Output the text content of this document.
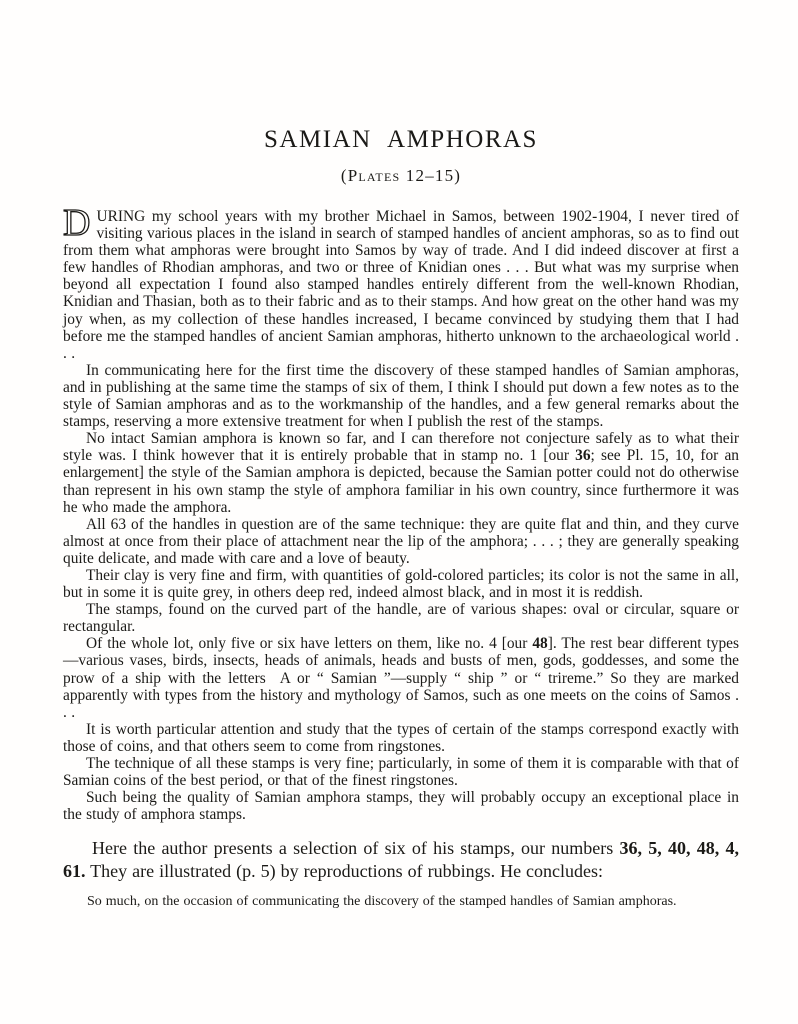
SAMIAN AMPHORAS
(Plates 12–15)

DURING my school years with my brother Michael in Samos, between 1902-1904, I never tired of visiting various places in the island in search of stamped handles of ancient amphoras, so as to find out from them what amphoras were brought into Samos by way of trade. And I did indeed discover at first a few handles of Rhodian amphoras, and two or three of Knidian ones . . . But what was my surprise when beyond all expectation I found also stamped handles entirely different from the well-known Rhodian, Knidian and Thasian, both as to their fabric and as to their stamps. And how great on the other hand was my joy when, as my collection of these handles increased, I became convinced by studying them that I had before me the stamped handles of ancient Samian amphoras, hitherto unknown to the archaeological world . . .

In communicating here for the first time the discovery of these stamped handles of Samian amphoras, and in publishing at the same time the stamps of six of them, I think I should put down a few notes as to the style of Samian amphoras and as to the workmanship of the handles, and a few general remarks about the stamps, reserving a more extensive treatment for when I publish the rest of the stamps.

No intact Samian amphora is known so far, and I can therefore not conjecture safely as to what their style was. I think however that it is entirely probable that in stamp no. 1 [our 36; see Pl. 15, 10, for an enlargement] the style of the Samian amphora is depicted, because the Samian potter could not do otherwise than represent in his own stamp the style of amphora familiar in his own country, since furthermore it was he who made the amphora.

All 63 of the handles in question are of the same technique: they are quite flat and thin, and they curve almost at once from their place of attachment near the lip of the amphora; . . . ; they are generally speaking quite delicate, and made with care and a love of beauty.

Their clay is very fine and firm, with quantities of gold-colored particles; its color is not the same in all, but in some it is quite grey, in others deep red, indeed almost black, and in most it is reddish.

The stamps, found on the curved part of the handle, are of various shapes: oval or circular, square or rectangular.

Of the whole lot, only five or six have letters on them, like no. 4 [our 48]. The rest bear different types—various vases, birds, insects, heads of animals, heads and busts of men, gods, goddesses, and some the prow of a ship with the letters  A or “ Samian ”—supply “ ship ” or “ trireme.” So they are marked apparently with types from the history and mythology of Samos, such as one meets on the coins of Samos . . .

It is worth particular attention and study that the types of certain of the stamps correspond exactly with those of coins, and that others seem to come from ringstones.

The technique of all these stamps is very fine; particularly, in some of them it is comparable with that of Samian coins of the best period, or that of the finest ringstones.

Such being the quality of Samian amphora stamps, they will probably occupy an exceptional place in the study of amphora stamps.

Here the author presents a selection of six of his stamps, our numbers 36, 5, 40, 48, 4, 61. They are illustrated (p. 5) by reproductions of rubbings. He concludes:

So much, on the occasion of communicating the discovery of the stamped handles of Samian amphoras.
